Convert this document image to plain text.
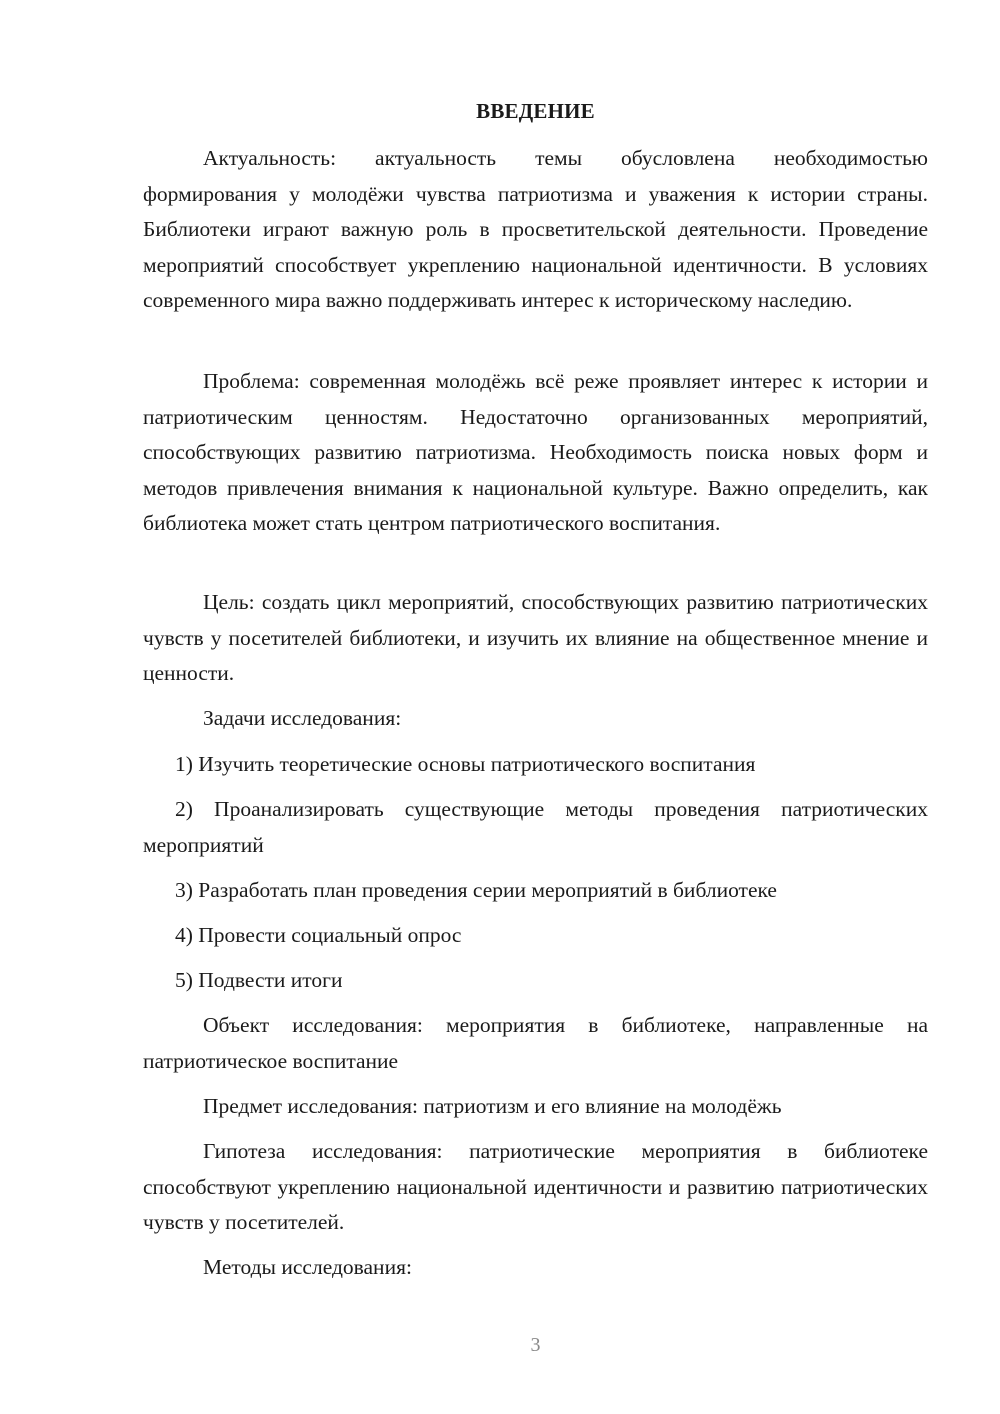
ВВЕДЕНИЕ
Актуальность: актуальность темы обусловлена необходимостью формирования у молодёжи чувства патриотизма и уважения к истории страны. Библиотеки играют важную роль в просветительской деятельности. Проведение мероприятий способствует укреплению национальной идентичности. В условиях современного мира важно поддерживать интерес к историческому наследию.
Проблема: современная молодёжь всё реже проявляет интерес к истории и патриотическим ценностям. Недостаточно организованных мероприятий, способствующих развитию патриотизма. Необходимость поиска новых форм и методов привлечения внимания к национальной культуре. Важно определить, как библиотека может стать центром патриотического воспитания.
Цель: создать цикл мероприятий, способствующих развитию патриотических чувств у посетителей библиотеки, и изучить их влияние на общественное мнение и ценности.
Задачи исследования:
1) Изучить теоретические основы патриотического воспитания
2) Проанализировать существующие методы проведения патриотических мероприятий
3) Разработать план проведения серии мероприятий в библиотеке
4) Провести социальный опрос
5) Подвести итоги
Объект исследования: мероприятия в библиотеке, направленные на патриотическое воспитание
Предмет исследования: патриотизм и его влияние на молодёжь
Гипотеза исследования: патриотические мероприятия в библиотеке способствуют укреплению национальной идентичности и развитию патриотических чувств у посетителей.
Методы исследования:
3
